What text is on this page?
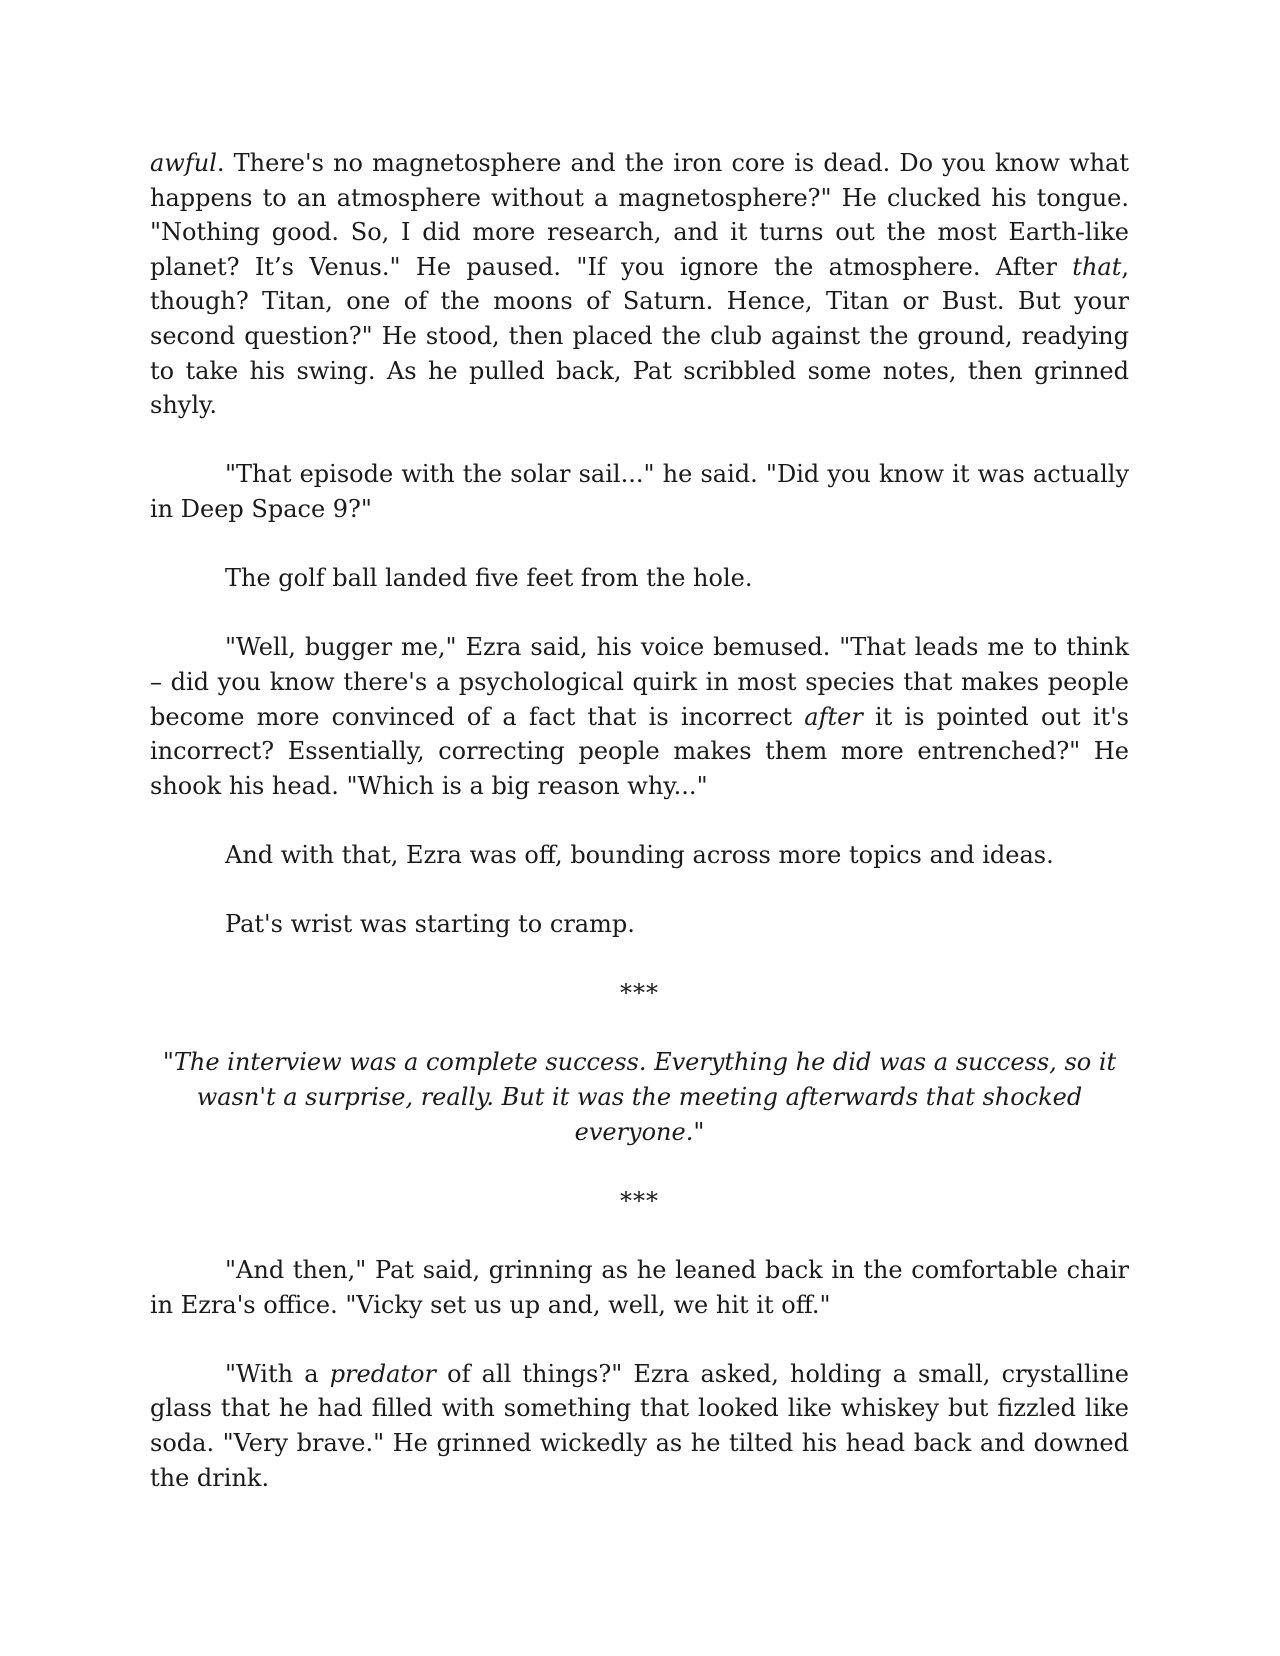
awful. There's no magnetosphere and the iron core is dead. Do you know what happens to an atmosphere without a magnetosphere?" He clucked his tongue. "Nothing good. So, I did more research, and it turns out the most Earth-like planet? It’s Venus." He paused. "If you ignore the atmosphere. After that, though? Titan, one of the moons of Saturn. Hence, Titan or Bust. But your second question?" He stood, then placed the club against the ground, readying to take his swing. As he pulled back, Pat scribbled some notes, then grinned shyly.

"That episode with the solar sail..." he said. "Did you know it was actually in Deep Space 9?"

The golf ball landed five feet from the hole.

"Well, bugger me," Ezra said, his voice bemused. "That leads me to think – did you know there's a psychological quirk in most species that makes people become more convinced of a fact that is incorrect after it is pointed out it's incorrect? Essentially, correcting people makes them more entrenched?" He shook his head. "Which is a big reason why..."

And with that, Ezra was off, bounding across more topics and ideas.

Pat's wrist was starting to cramp.

***

"The interview was a complete success. Everything he did was a success, so it wasn't a surprise, really. But it was the meeting afterwards that shocked everyone."

***

"And then," Pat said, grinning as he leaned back in the comfortable chair in Ezra's office. "Vicky set us up and, well, we hit it off."

"With a predator of all things?" Ezra asked, holding a small, crystalline glass that he had filled with something that looked like whiskey but fizzled like soda. "Very brave." He grinned wickedly as he tilted his head back and downed the drink.
